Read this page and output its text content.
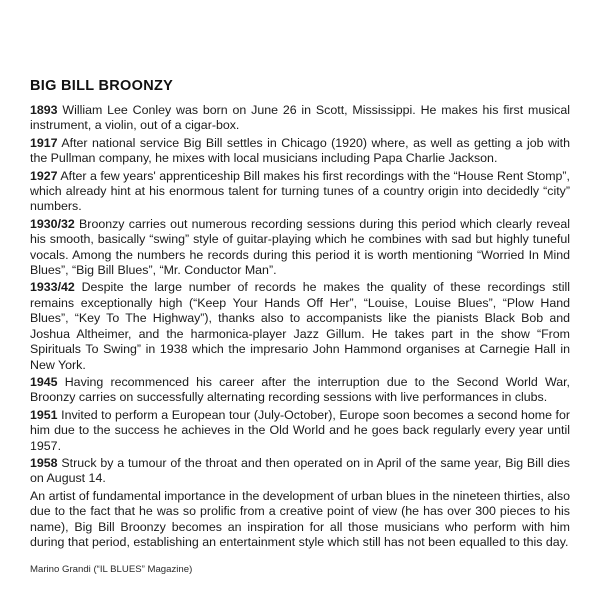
BIG BILL BROONZY

1893 William Lee Conley was born on June 26 in Scott, Mississippi. He makes his first musical instrument, a violin, out of a cigar-box.

1917 After national service Big Bill settles in Chicago (1920) where, as well as getting a job with the Pullman company, he mixes with local musicians including Papa Charlie Jackson.

1927 After a few years' apprenticeship Bill makes his first recordings with the “House Rent Stomp”, which already hint at his enormous talent for turning tunes of a country origin into decidedly “city” numbers.

1930/32 Broonzy carries out numerous recording sessions during this period which clearly reveal his smooth, basically “swing” style of guitar-playing which he combines with sad but highly tuneful vocals. Among the numbers he records during this period it is worth mentioning “Worried In Mind Blues”, “Big Bill Blues”, “Mr. Conductor Man”.

1933/42 Despite the large number of records he makes the quality of these recordings still remains exceptionally high (“Keep Your Hands Off Her”, “Louise, Louise Blues”, “Plow Hand Blues”, “Key To The Highway”), thanks also to accompanists like the pianists Black Bob and Joshua Altheimer, and the harmonica-player Jazz Gillum. He takes part in the show “From Spirituals To Swing” in 1938 which the impresario John Hammond organises at Carnegie Hall in New York.

1945 Having recommenced his career after the interruption due to the Second World War, Broonzy carries on successfully alternating recording sessions with live performances in clubs.

1951 Invited to perform a European tour (July-October), Europe soon becomes a second home for him due to the success he achieves in the Old World and he goes back regularly every year until 1957.

1958 Struck by a tumour of the throat and then operated on in April of the same year, Big Bill dies on August 14.

An artist of fundamental importance in the development of urban blues in the nineteen thirties, also due to the fact that he was so prolific from a creative point of view (he has over 300 pieces to his name), Big Bill Broonzy becomes an inspiration for all those musicians who perform with him during that period, establishing an entertainment style which still has not been equalled to this day.

Marino Grandi (“IL BLUES” Magazine)
